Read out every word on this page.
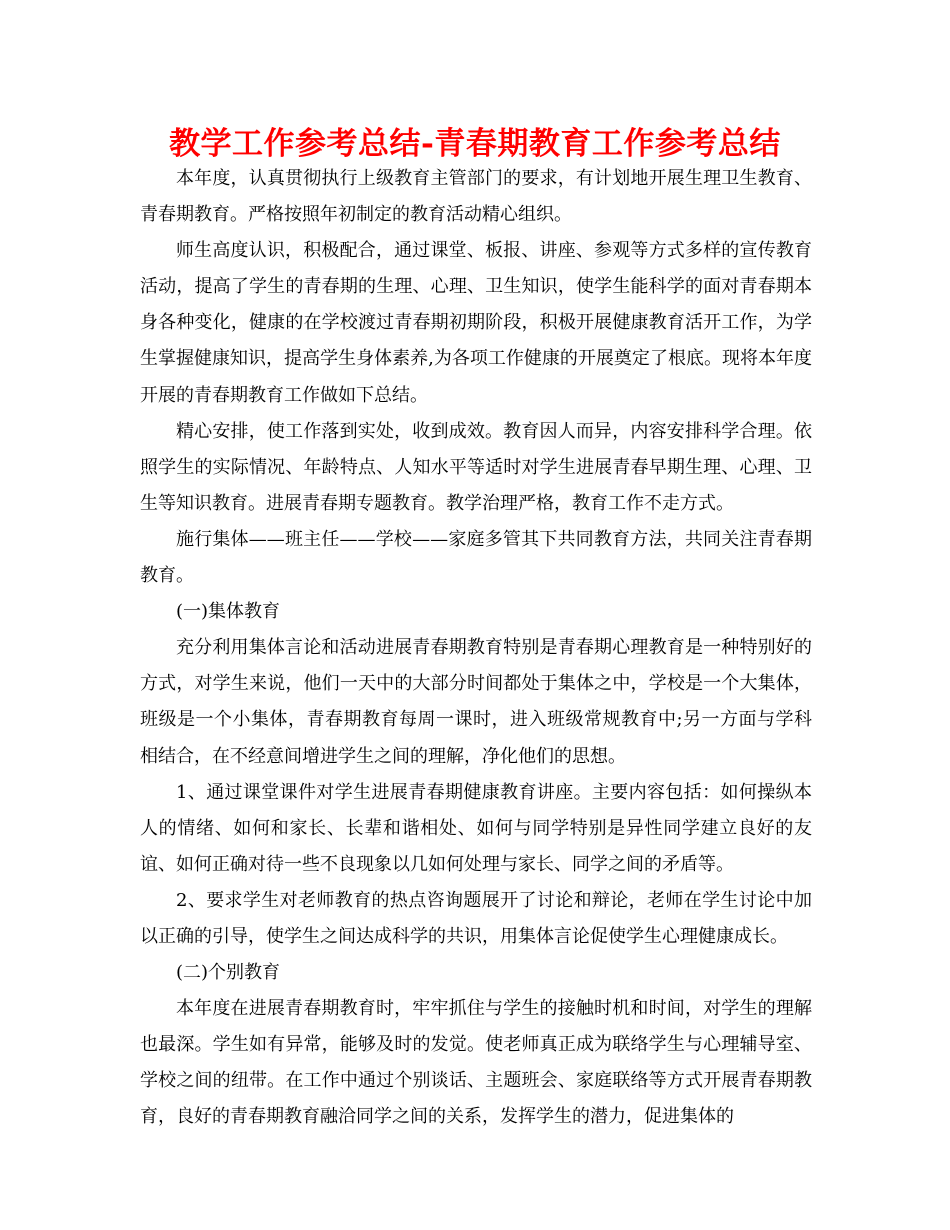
教学工作参考总结-青春期教育工作参考总结

本年度，认真贯彻执行上级教育主管部门的要求，有计划地开展生理卫生教育、青春期教育。严格按照年初制定的教育活动精心组织。

师生高度认识，积极配合，通过课堂、板报、讲座、参观等方式多样的宣传教育活动，提高了学生的青春期的生理、心理、卫生知识，使学生能科学的面对青春期本身各种变化，健康的在学校渡过青春期初期阶段，积极开展健康教育活开工作，为学生掌握健康知识，提高学生身体素养,为各项工作健康的开展奠定了根底。现将本年度开展的青春期教育工作做如下总结。

精心安排，使工作落到实处，收到成效。教育因人而异，内容安排科学合理。依照学生的实际情况、年龄特点、人知水平等适时对学生进展青春早期生理、心理、卫生等知识教育。进展青春期专题教育。教学治理严格，教育工作不走方式。

施行集体——班主任——学校——家庭多管其下共同教育方法，共同关注青春期教育。

(一)集体教育

充分利用集体言论和活动进展青春期教育特别是青春期心理教育是一种特别好的方式，对学生来说，他们一天中的大部分时间都处于集体之中，学校是一个大集体，班级是一个小集体，青春期教育每周一课时，进入班级常规教育中;另一方面与学科相结合，在不经意间增进学生之间的理解，净化他们的思想。

1、通过课堂课件对学生进展青春期健康教育讲座。主要内容包括：如何操纵本人的情绪、如何和家长、长辈和谐相处、如何与同学特别是异性同学建立良好的友谊、如何正确对待一些不良现象以几如何处理与家长、同学之间的矛盾等。

2、要求学生对老师教育的热点咨询题展开了讨论和辩论，老师在学生讨论中加以正确的引导，使学生之间达成科学的共识，用集体言论促使学生心理健康成长。

(二)个别教育

本年度在进展青春期教育时，牢牢抓住与学生的接触时机和时间，对学生的理解也最深。学生如有异常，能够及时的发觉。使老师真正成为联络学生与心理辅导室、学校之间的纽带。在工作中通过个别谈话、主题班会、家庭联络等方式开展青春期教育，良好的青春期教育融洽同学之间的关系，发挥学生的潜力，促进集体的
